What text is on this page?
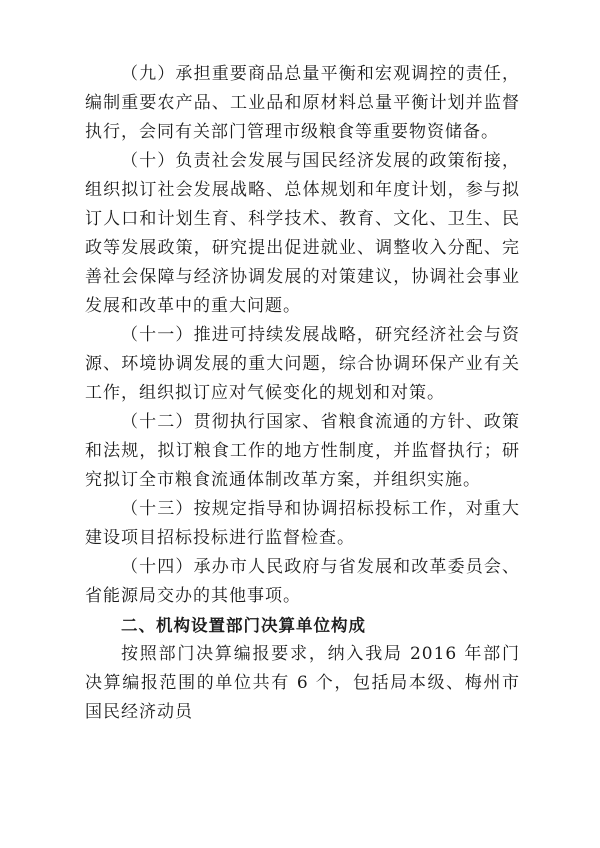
（九）承担重要商品总量平衡和宏观调控的责任，编制重要农产品、工业品和原材料总量平衡计划并监督执行，会同有关部门管理市级粮食等重要物资储备。

（十）负责社会发展与国民经济发展的政策衔接，组织拟订社会发展战略、总体规划和年度计划，参与拟订人口和计划生育、科学技术、教育、文化、卫生、民政等发展政策，研究提出促进就业、调整收入分配、完善社会保障与经济协调发展的对策建议，协调社会事业发展和改革中的重大问题。

（十一）推进可持续发展战略，研究经济社会与资源、环境协调发展的重大问题，综合协调环保产业有关工作，组织拟订应对气候变化的规划和对策。

（十二）贯彻执行国家、省粮食流通的方针、政策和法规，拟订粮食工作的地方性制度，并监督执行；研究拟订全市粮食流通体制改革方案，并组织实施。

（十三）按规定指导和协调招标投标工作，对重大建设项目招标投标进行监督检查。

（十四）承办市人民政府与省发展和改革委员会、省能源局交办的其他事项。

二、机构设置部门决算单位构成

按照部门决算编报要求，纳入我局 2016 年部门决算编报范围的单位共有 6 个，包括局本级、梅州市国民经济动员
